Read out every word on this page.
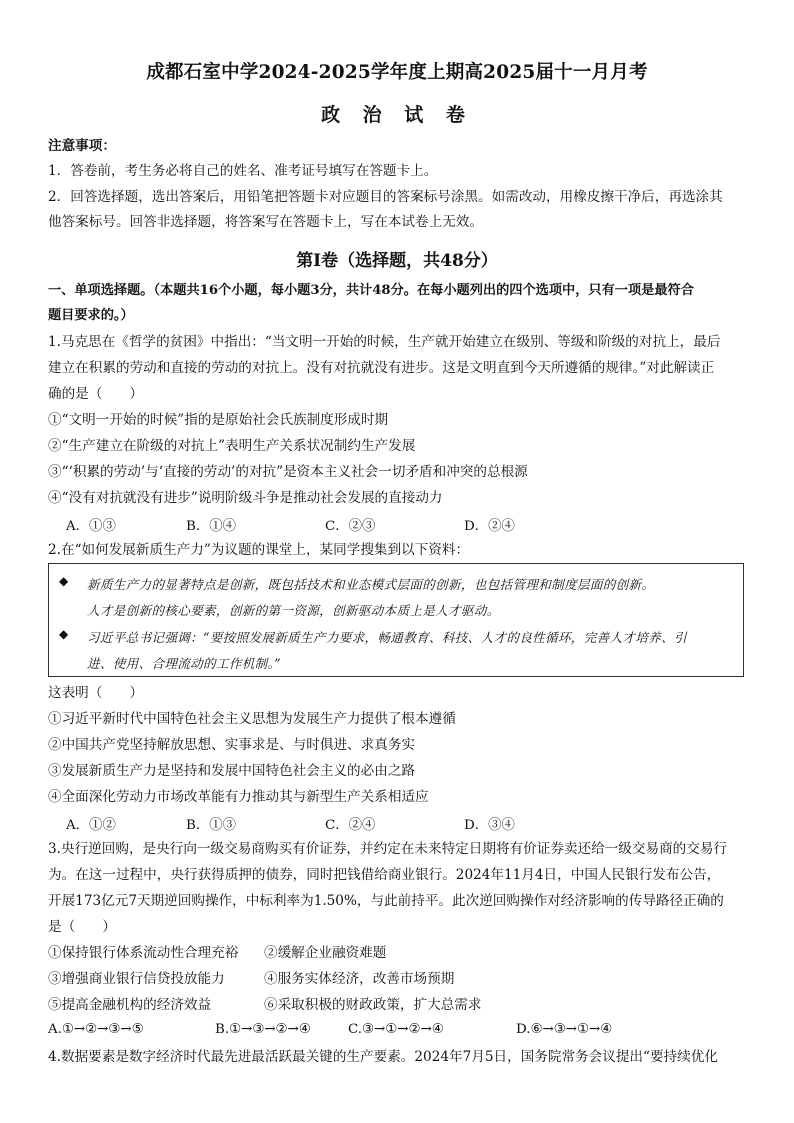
成都石室中学2024-2025学年度上期高2025届十一月月考
政 治 试 卷
注意事项：
1．答卷前，考生务必将自己的姓名、准考证号填写在答题卡上。
2．回答选择题，选出答案后，用铅笔把答题卡对应题目的答案标号涂黑。如需改动，用橡皮擦干净后，再选涂其
他答案标号。回答非选择题，将答案写在答题卡上，写在本试卷上无效。
第Ⅰ卷（选择题，共48分）
一、单项选择题。（本题共16个小题，每小题3分，共计48分。在每小题列出的四个选项中，只有一项是最符合
题目要求的。）
1.马克思在《哲学的贫困》中指出：“当文明一开始的时候，生产就开始建立在级别、等级和阶级的对抗上，最后
建立在积累的劳动和直接的劳动的对抗上。没有对抗就没有进步。这是文明直到今天所遵循的规律。”对此解读正
确的是（　　）
①“文明一开始的时候”指的是原始社会氏族制度形成时期
②“生产建立在阶级的对抗上”表明生产关系状况制约生产发展
③“‘积累的劳动’与‘直接的劳动’的对抗”是资本主义社会一切矛盾和冲突的总根源
④“没有对抗就没有进步”说明阶级斗争是推动社会发展的直接动力
A．①③	B．①④	C．②③	D．②④
2.在“如何发展新质生产力”为议题的课堂上，某同学搜集到以下资料：
◆ 新质生产力的显著特点是创新，既包括技术和业态模式层面的创新，也包括管理和制度层面的创新。
人才是创新的核心要素，创新的第一资源，创新驱动本质上是人才驱动。
◆ 习近平总书记强调：“要按照发展新质生产力要求，畅通教育、科技、人才的良性循环，完善人才培养、引
进、使用、合理流动的工作机制。”
这表明（　　）
①习近平新时代中国特色社会主义思想为发展生产力提供了根本遵循
②中国共产党坚持解放思想、实事求是、与时俱进、求真务实
③发展新质生产力是坚持和发展中国特色社会主义的必由之路
④全面深化劳动力市场改革能有力推动其与新型生产关系相适应
A．①②	B．①③	C．②④	D．③④
3.央行逆回购，是央行向一级交易商购买有价证券，并约定在未来特定日期将有价证券卖还给一级交易商的交易行
为。在这一过程中，央行获得质押的债券，同时把钱借给商业银行。2024年11月4日，中国人民银行发布公告，
开展173亿元7天期逆回购操作，中标利率为1.50%，与此前持平。此次逆回购操作对经济影响的传导路径正确的
是（　　）
①保持银行体系流动性合理充裕 ②缓解企业融资难题
③增强商业银行信贷投放能力	④服务实体经济，改善市场预期
⑤提高金融机构的经济效益	⑥采取积极的财政政策，扩大总需求
A.①→②→③→⑤	B.①→③→②→④	C.③→①→②→④	D.⑥→③→①→④
4.数据要素是数字经济时代最先进最活跃最关键的生产要素。2024年7月5日，国务院常务会议提出“要持续优化
